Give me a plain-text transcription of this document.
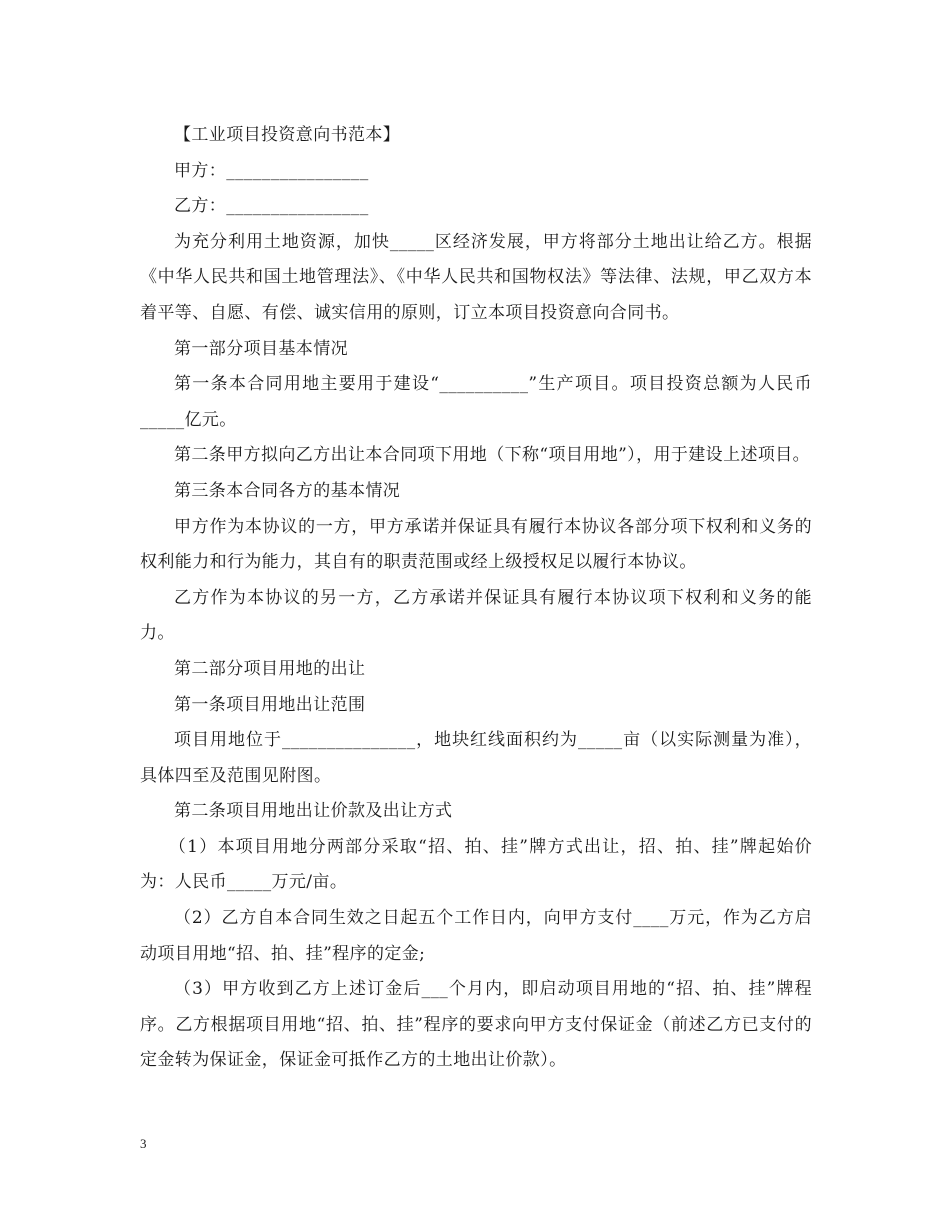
【工业项目投资意向书范本】

甲方：________________

乙方：________________

为充分利用土地资源，加快_____区经济发展，甲方将部分土地出让给乙方。根据《中华人民共和国土地管理法》、《中华人民共和国物权法》等法律、法规，甲乙双方本着平等、自愿、有偿、诚实信用的原则，订立本项目投资意向合同书。

第一部分项目基本情况

第一条本合同用地主要用于建设“__________”生产项目。项目投资总额为人民币_____亿元。

第二条甲方拟向乙方出让本合同项下用地（下称“项目用地”），用于建设上述项目。

第三条本合同各方的基本情况

甲方作为本协议的一方，甲方承诺并保证具有履行本协议各部分项下权利和义务的权利能力和行为能力，其自有的职责范围或经上级授权足以履行本协议。

乙方作为本协议的另一方，乙方承诺并保证具有履行本协议项下权利和义务的能力。

第二部分项目用地的出让

第一条项目用地出让范围

项目用地位于_______________，地块红线面积约为_____亩（以实际测量为准），具体四至及范围见附图。

第二条项目用地出让价款及出让方式

（1）本项目用地分两部分采取“招、拍、挂”牌方式出让，招、拍、挂”牌起始价为：人民币_____万元/亩。

（2）乙方自本合同生效之日起五个工作日内，向甲方支付____万元，作为乙方启动项目用地“招、拍、挂”程序的定金;

（3）甲方收到乙方上述订金后___个月内，即启动项目用地的“招、拍、挂”牌程序。乙方根据项目用地“招、拍、挂”程序的要求向甲方支付保证金（前述乙方已支付的定金转为保证金，保证金可抵作乙方的土地出让价款）。

3
